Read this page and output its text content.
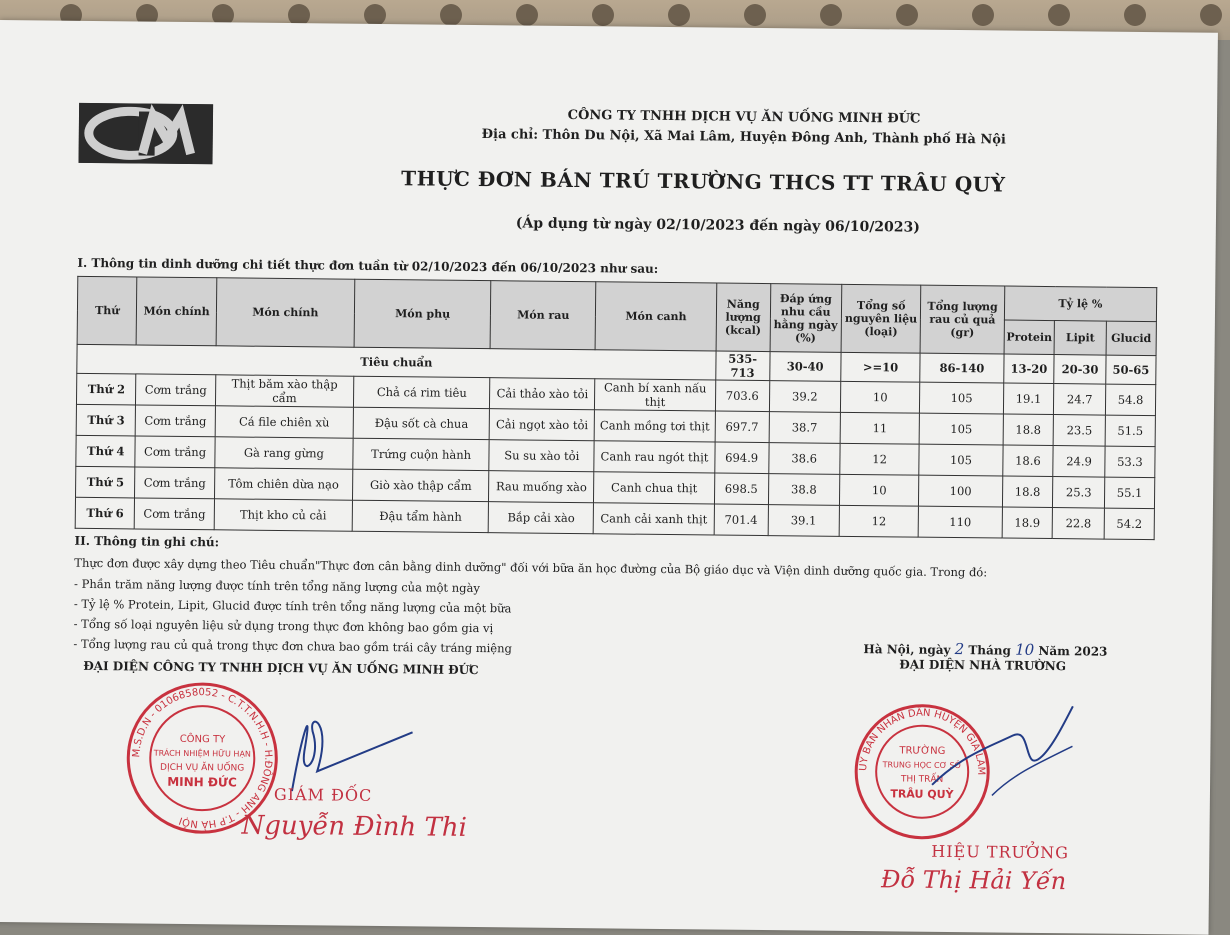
CÔNG TY TNHH DỊCH VỤ ĂN UỐNG MINH ĐỨC
Địa chỉ: Thôn Du Nội, Xã Mai Lâm, Huyện Đông Anh, Thành phố Hà Nội
THỰC ĐƠN BÁN TRÚ TRƯỜNG THCS TT TRÂU QUỲ
(Áp dụng từ ngày 02/10/2023 đến ngày 06/10/2023)
I. Thông tin dinh dưỡng chi tiết thực đơn tuần từ 02/10/2023 đến 06/10/2023 như sau:
Thứ	Món chính	Món chính	Món phụ	Món rau	Món canh	Năng lượng (kcal)	Đáp ứng nhu cầu hằng ngày (%)	Tổng số nguyên liệu (loại)	Tổng lượng rau củ quả (gr)	Tỷ lệ %		
										Protein	Lipit	Glucid
Tiêu chuẩn						535-713	30-40	>=10	86-140	13-20	20-30	50-65
Thứ 2	Cơm trắng	Thịt băm xào thập cẩm	Chả cá rim tiêu	Cải thảo xào tỏi	Canh bí xanh nấu thịt	703.6	39.2	10	105	19.1	24.7	54.8
Thứ 3	Cơm trắng	Cá file chiên xù	Đậu sốt cà chua	Cải ngọt xào tỏi	Canh mồng tơi thịt	697.7	38.7	11	105	18.8	23.5	51.5
Thứ 4	Cơm trắng	Gà rang gừng	Trứng cuộn hành	Su su xào tỏi	Canh rau ngót thịt	694.9	38.6	12	105	18.6	24.9	53.3
Thứ 5	Cơm trắng	Tôm chiên dừa nạo	Giò xào thập cẩm	Rau muống xào	Canh chua thịt	698.5	38.8	10	100	18.8	25.3	55.1
Thứ 6	Cơm trắng	Thịt kho củ cải	Đậu tẩm hành	Bắp cải xào	Canh cải xanh thịt	701.4	39.1	12	110	18.9	22.8	54.2
II. Thông tin ghi chú:
Thực đơn được xây dựng theo Tiêu chuẩn"Thực đơn cân bằng dinh dưỡng" đối với bữa ăn học đường của Bộ giáo dục và Viện dinh dưỡng quốc gia. Trong đó:
- Phần trăm năng lượng được tính trên tổng năng lượng của một ngày
- Tỷ lệ % Protein, Lipit, Glucid được tính trên tổng năng lượng của một bữa
- Tổng số loại nguyên liệu sử dụng trong thực đơn không bao gồm gia vị
- Tổng lượng rau củ quả trong thực đơn chưa bao gồm trái cây tráng miệng	Hà Nội, ngày 2 Tháng 10 Năm 2023
ĐẠI DIỆN NHÀ TRƯỜNG
ĐẠI DIỆN CÔNG TY TNHH DỊCH VỤ ĂN UỐNG MINH ĐỨC
M.S.D.N - 0106858052 - C.T.T.N.H.H - H.ĐÔNG ANH - T.P HÀ NỘI
CÔNG TY
TRÁCH NHIỆM HỮU HẠN
DỊCH VỤ ĂN UỐNG
MINH ĐỨC
GIÁM ĐỐC
Nguyễn Đình Thi
UỶ BAN NHÂN DÂN HUYỆN GIA LÂM
TRƯỜNG
TRUNG HỌC CƠ SỞ
THỊ TRẤN
TRÂU QUỲ
HIỆU TRƯỞNG
Đỗ Thị Hải Yến
